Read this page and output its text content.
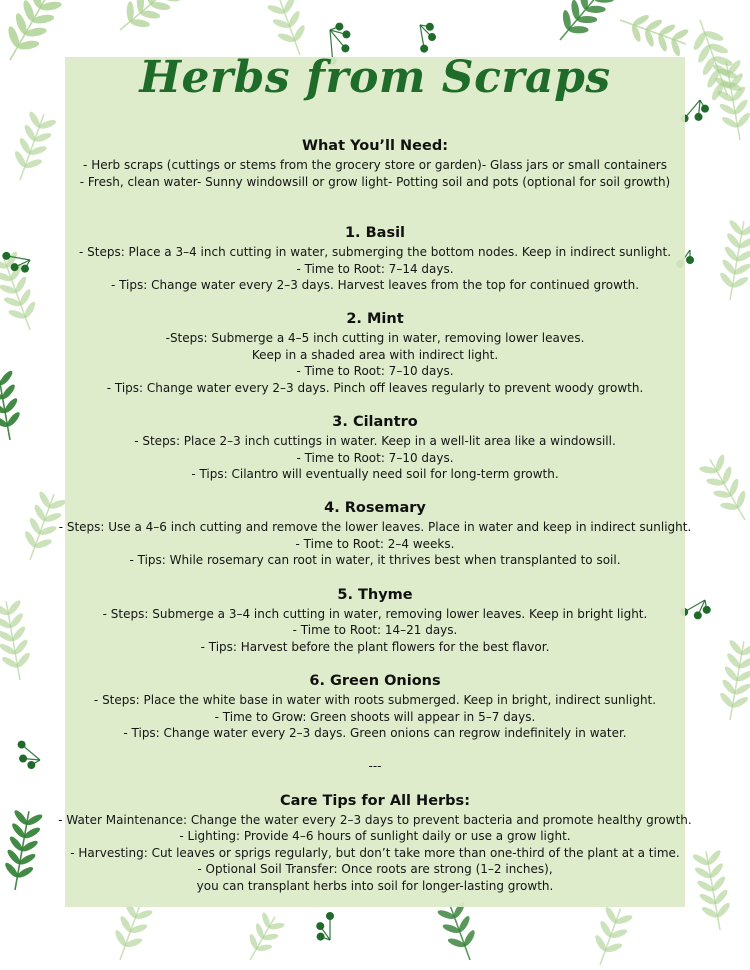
Herbs from Scraps
What You’ll Need:
- Herb scraps (cuttings or stems from the grocery store or garden)- Glass jars or small containers
- Fresh, clean water- Sunny windowsill or grow light- Potting soil and pots (optional for soil growth)
1. Basil
- Steps: Place a 3–4 inch cutting in water, submerging the bottom nodes. Keep in indirect sunlight.
- Time to Root: 7–14 days.
- Tips: Change water every 2–3 days. Harvest leaves from the top for continued growth.
2. Mint
-Steps: Submerge a 4–5 inch cutting in water, removing lower leaves.
Keep in a shaded area with indirect light.
- Time to Root: 7–10 days.
- Tips: Change water every 2–3 days. Pinch off leaves regularly to prevent woody growth.
3. Cilantro
- Steps: Place 2–3 inch cuttings in water. Keep in a well-lit area like a windowsill.
- Time to Root: 7–10 days.
- Tips: Cilantro will eventually need soil for long-term growth.
4. Rosemary
- Steps: Use a 4–6 inch cutting and remove the lower leaves. Place in water and keep in indirect sunlight.
- Time to Root: 2–4 weeks.
- Tips: While rosemary can root in water, it thrives best when transplanted to soil.
5. Thyme
- Steps: Submerge a 3–4 inch cutting in water, removing lower leaves. Keep in bright light.
- Time to Root: 14–21 days.
- Tips: Harvest before the plant flowers for the best flavor.
6. Green Onions
- Steps: Place the white base in water with roots submerged. Keep in bright, indirect sunlight.
- Time to Grow: Green shoots will appear in 5–7 days.
- Tips: Change water every 2–3 days. Green onions can regrow indefinitely in water.
---
Care Tips for All Herbs:
- Water Maintenance: Change the water every 2–3 days to prevent bacteria and promote healthy growth.
- Lighting: Provide 4–6 hours of sunlight daily or use a grow light.
- Harvesting: Cut leaves or sprigs regularly, but don’t take more than one-third of the plant at a time.
- Optional Soil Transfer: Once roots are strong (1–2 inches),
you can transplant herbs into soil for longer-lasting growth.
